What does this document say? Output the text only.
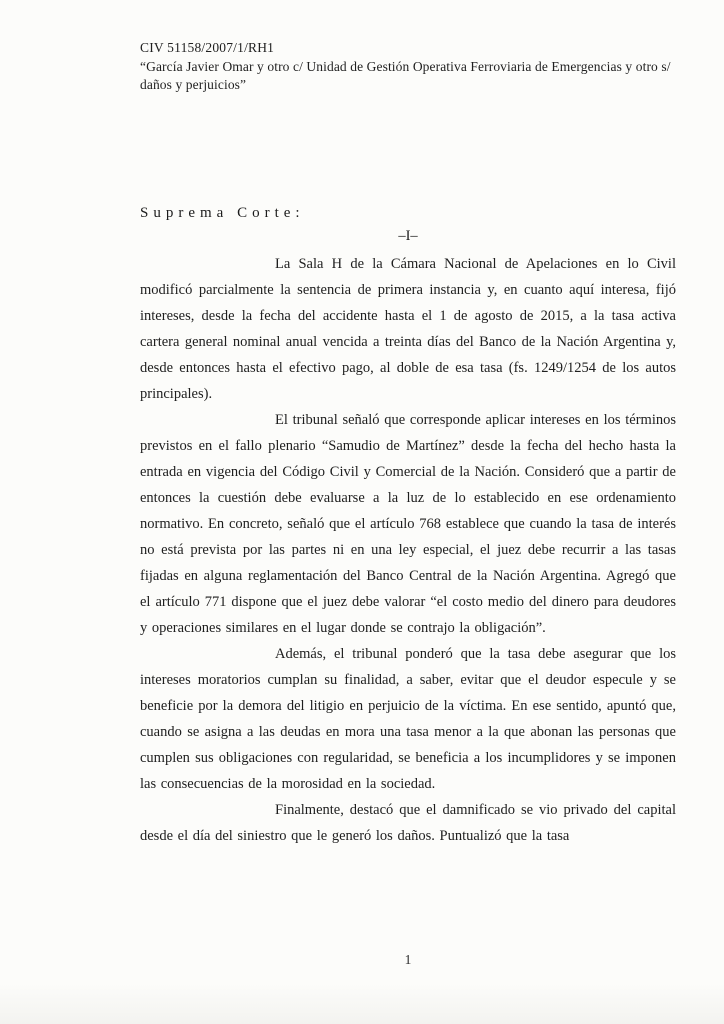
CIV 51158/2007/1/RH1
“García Javier Omar y otro c/ Unidad de Gestión Operativa Ferroviaria de Emergencias y otro s/ daños y perjuicios”
Suprema Corte:
–I–

La Sala H de la Cámara Nacional de Apelaciones en lo Civil modificó parcialmente la sentencia de primera instancia y, en cuanto aquí interesa, fijó intereses, desde la fecha del accidente hasta el 1 de agosto de 2015, a la tasa activa cartera general nominal anual vencida a treinta días del Banco de la Nación Argentina y, desde entonces hasta el efectivo pago, al doble de esa tasa (fs. 1249/1254 de los autos principales).

El tribunal señaló que corresponde aplicar intereses en los términos previstos en el fallo plenario “Samudio de Martínez” desde la fecha del hecho hasta la entrada en vigencia del Código Civil y Comercial de la Nación. Consideró que a partir de entonces la cuestión debe evaluarse a la luz de lo establecido en ese ordenamiento normativo. En concreto, señaló que el artículo 768 establece que cuando la tasa de interés no está prevista por las partes ni en una ley especial, el juez debe recurrir a las tasas fijadas en alguna reglamentación del Banco Central de la Nación Argentina. Agregó que el artículo 771 dispone que el juez debe valorar “el costo medio del dinero para deudores y operaciones similares en el lugar donde se contrajo la obligación”.

Además, el tribunal ponderó que la tasa debe asegurar que los intereses moratorios cumplan su finalidad, a saber, evitar que el deudor especule y se beneficie por la demora del litigio en perjuicio de la víctima. En ese sentido, apuntó que, cuando se asigna a las deudas en mora una tasa menor a la que abonan las personas que cumplen sus obligaciones con regularidad, se beneficia a los incumplidores y se imponen las consecuencias de la morosidad en la sociedad.

Finalmente, destacó que el damnificado se vio privado del capital desde el día del siniestro que le generó los daños. Puntualizó que la tasa

1
